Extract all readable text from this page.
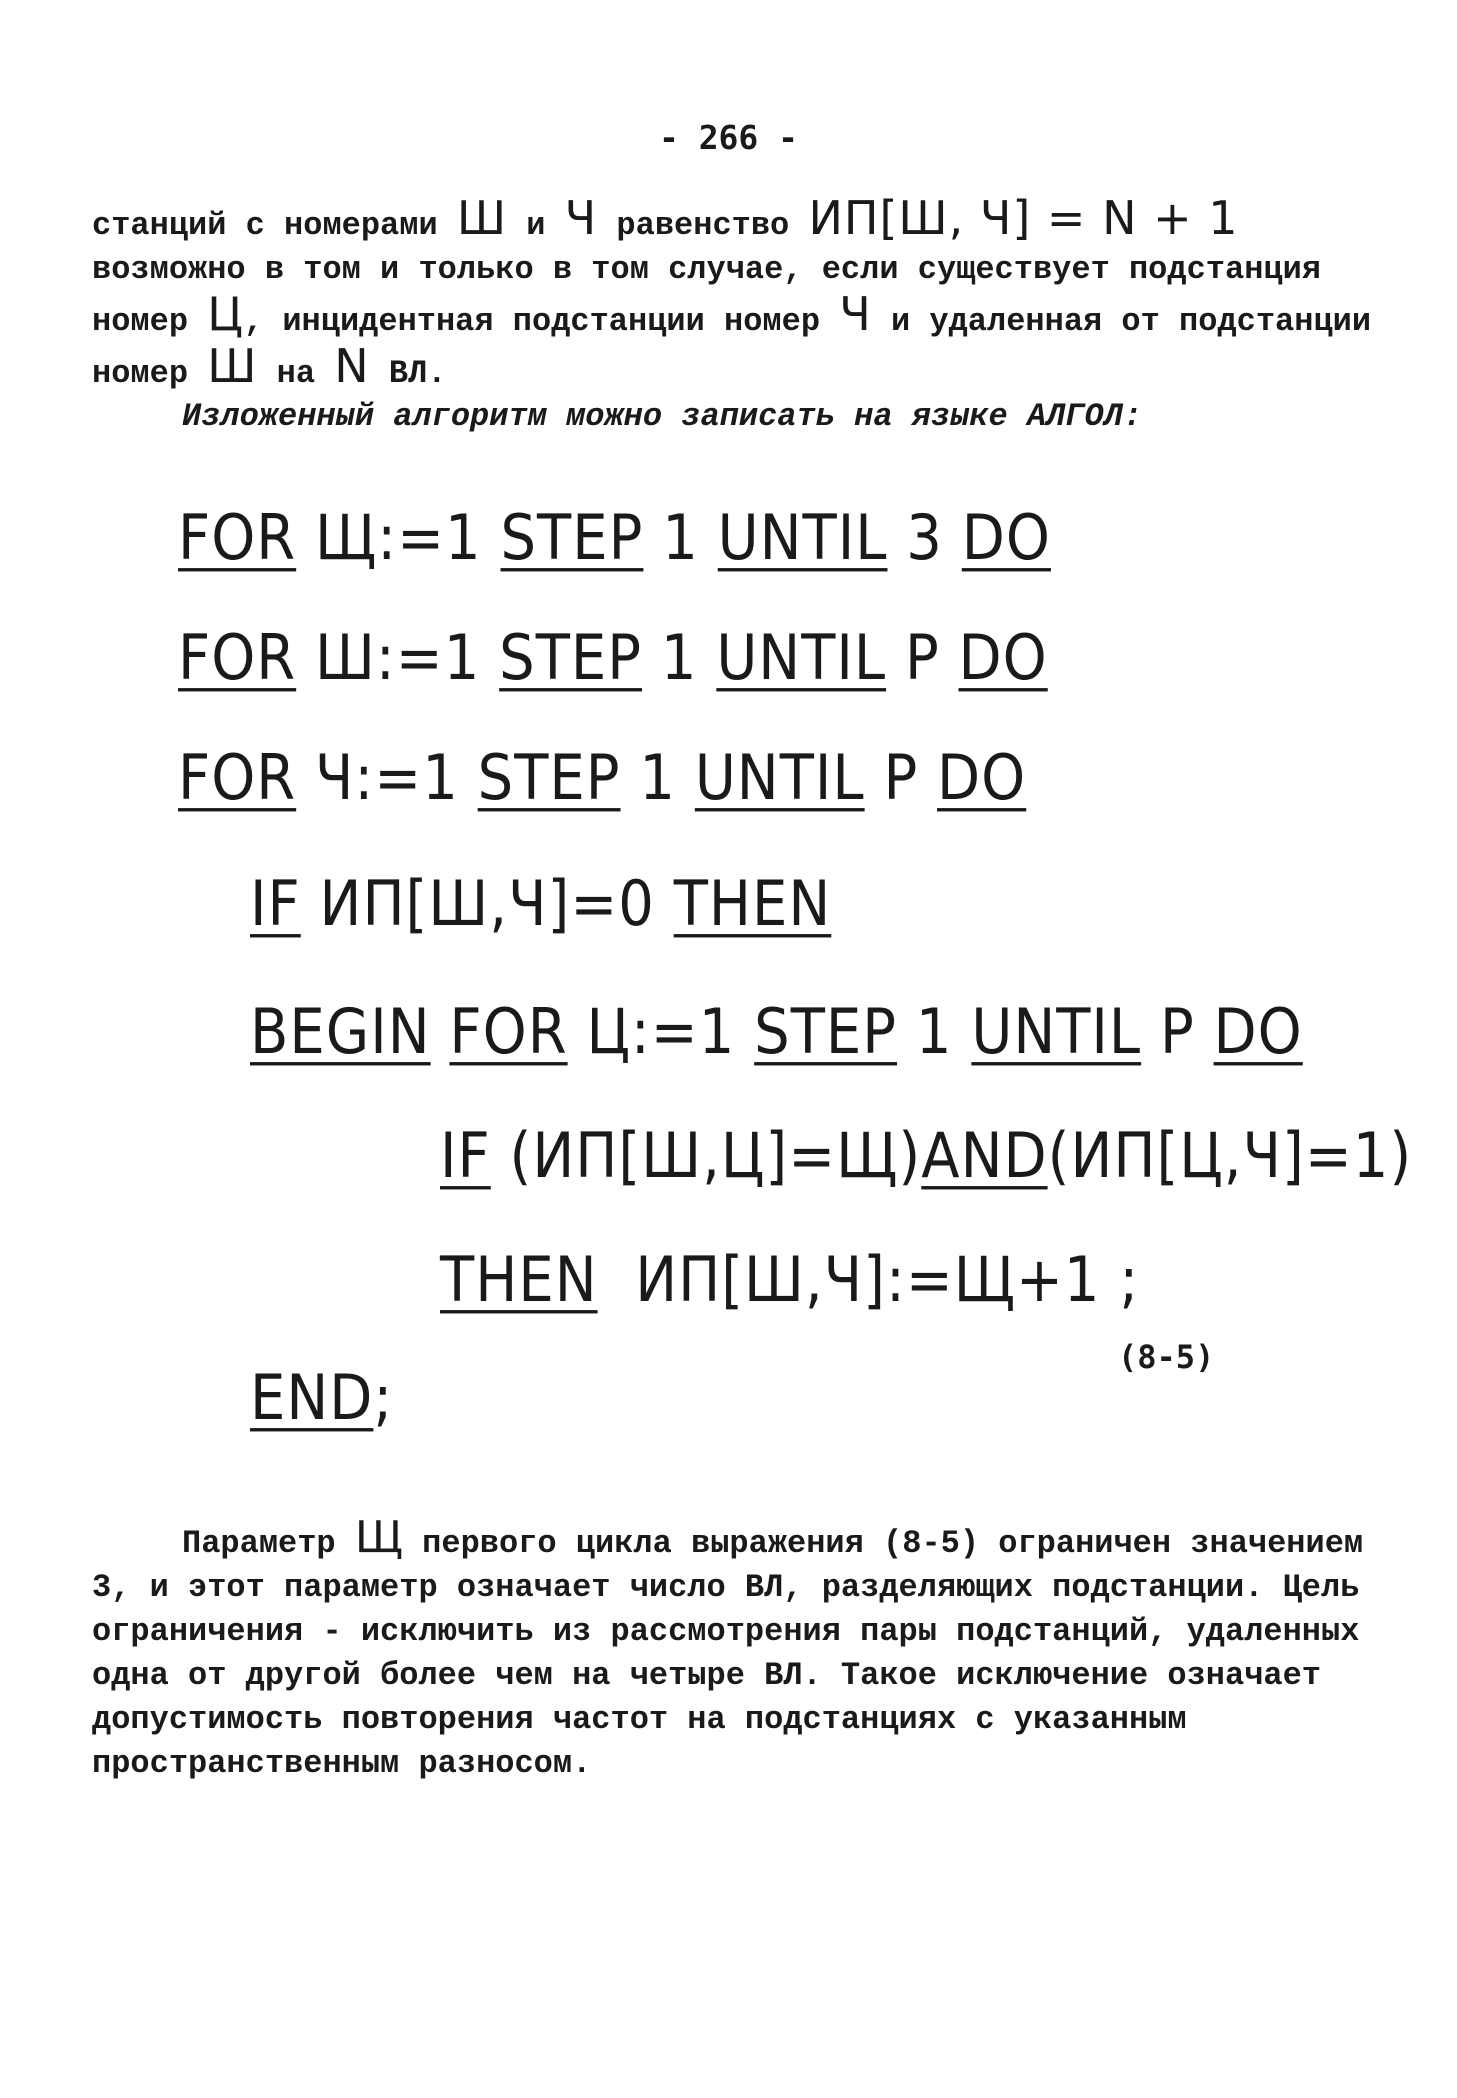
- 266 -

станций с номерами Ш и Ч равенство ИП[Ш, Ч] = N + 1 возможно в том и только в том случае, если существует подстанция номер Ц, инцидентная подстанции номер Ч и удаленная от подстанции номер Ш на N ВЛ.

Изложенный алгоритм можно записать на языке АЛГОЛ:
FOR Щ:=1 STEP 1 UNTIL 3 DO
FOR Ш:=1 STEP 1 UNTIL P DO
FOR Ч:=1 STEP 1 UNTIL P DO
IF ИП[Ш,Ч]=0 THEN
BEGIN FOR Ц:=1 STEP 1 UNTIL P DO
IF (ИП[Ш,Ц]=Щ)AND(ИП[Ц,Ч]=1)
THEN ИП[Ш,Ч]:=Щ+1 ;
(8-5)
END;

Параметр Щ первого цикла выражения (8-5) ограничен значением 3, и этот параметр означает число ВЛ, разделяющих подстанции. Цель ограничения - исключить из рассмотрения пары подстанций, удаленных одна от другой более чем на четыре ВЛ. Такое исключение означает допустимость повторения частот на подстанциях с указанным пространственным разносом.
